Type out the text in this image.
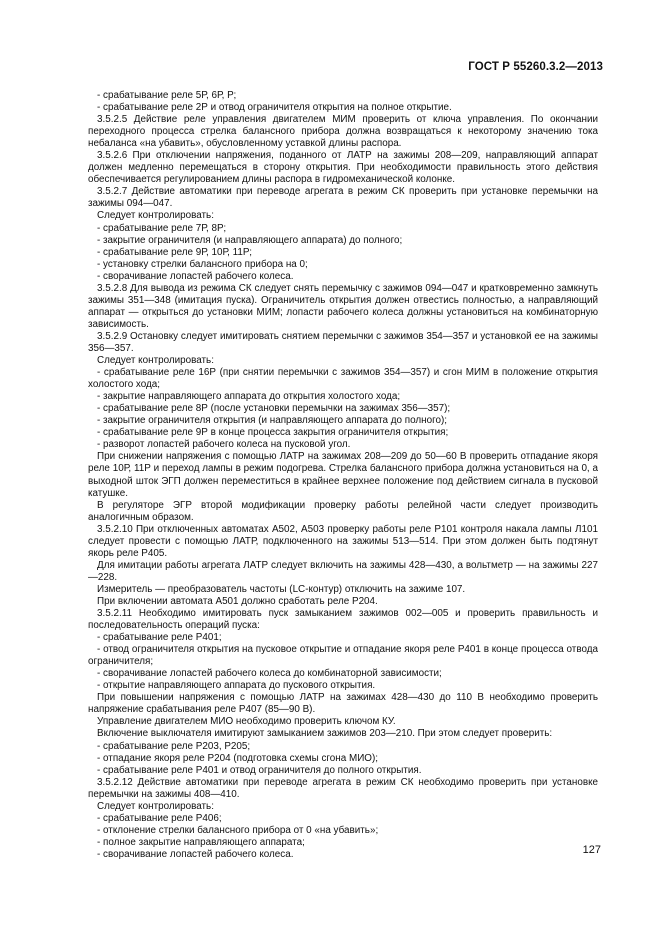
ГОСТ Р 55260.3.2—2013

- срабатывание реле 5Р, 6Р, Р;

- срабатывание реле 2Р и отвод ограничителя открытия на полное открытие.

3.5.2.5 Действие реле управления двигателем МИМ проверить от ключа управления. По окончании переходного процесса стрелка балансного прибора должна возвращаться к некоторому значению тока небаланса «на убавить», обусловленному уставкой длины распора.

3.5.2.6 При отключении напряжения, поданного от ЛАТР на зажимы 208—209, направляющий аппарат должен медленно перемещаться в сторону открытия. При необходимости правильность этого действия обеспечивается регулированием длины распора в гидромеханической колонке.

3.5.2.7 Действие автоматики при переводе агрегата в режим СК проверить при установке перемычки на зажимы 094—047.

Следует контролировать:

- срабатывание реле 7Р, 8Р;

- закрытие ограничителя (и направляющего аппарата) до полного;

- срабатывание реле 9Р, 10Р, 11Р;

- установку стрелки балансного прибора на 0;

- сворачивание лопастей рабочего колеса.

3.5.2.8 Для вывода из режима СК следует снять перемычку с зажимов 094—047 и кратковременно замкнуть зажимы 351—348 (имитация пуска). Ограничитель открытия должен отвестись полностью, а направляющий аппарат — открыться до установки МИМ; лопасти рабочего колеса должны установиться на комбинаторную зависимость.

3.5.2.9 Остановку следует имитировать снятием перемычки с зажимов 354—357 и установкой ее на зажимы 356—357.

Следует контролировать:

- срабатывание реле 16Р (при снятии перемычки с зажимов 354—357) и сгон МИМ в положение открытия холостого хода;

- закрытие направляющего аппарата до открытия холостого хода;

- срабатывание реле 8Р (после установки перемычки на зажимах 356—357);

- закрытие ограничителя открытия (и направляющего аппарата до полного);

- срабатывание реле 9Р в конце процесса закрытия ограничителя открытия;

- разворот лопастей рабочего колеса на пусковой угол.

При снижении напряжения с помощью ЛАТР на зажимах 208—209 до 50—60 В проверить отпадание якоря реле 10Р, 11Р и переход лампы в режим подогрева. Стрелка балансного прибора должна установиться на 0, а выходной шток ЭГП должен переместиться в крайнее верхнее положение под действием сигнала в пусковой катушке.

В регуляторе ЭГР второй модификации проверку работы релейной части следует производить аналогичным образом.

3.5.2.10 При отключенных автоматах А502, А503 проверку работы реле Р101 контроля накала лампы Л101 следует провести с помощью ЛАТР, подключенного на зажимы 513—514. При этом должен быть подтянут якорь реле Р405.

Для имитации работы агрегата ЛАТР следует включить на зажимы 428—430, а вольтметр — на зажимы 227—228.

Измеритель — преобразователь частоты (LC-контур) отключить на зажиме 107.

При включении автомата А501 должно сработать реле Р204.

3.5.2.11 Необходимо имитировать пуск замыканием зажимов 002—005 и проверить правильность и последовательность операций пуска:

- срабатывание реле Р401;

- отвод ограничителя открытия на пусковое открытие и отпадание якоря реле Р401 в конце процесса отвода ограничителя;

- сворачивание лопастей рабочего колеса до комбинаторной зависимости;

- открытие направляющего аппарата до пускового открытия.

При повышении напряжения с помощью ЛАТР на зажимах 428—430 до 110 В необходимо проверить напряжение срабатывания реле Р407 (85—90 В).

Управление двигателем МИО необходимо проверить ключом КУ.

Включение выключателя имитируют замыканием зажимов 203—210. При этом следует проверить:

- срабатывание реле Р203, Р205;

- отпадание якоря реле Р204 (подготовка схемы сгона МИО);

- срабатывание реле Р401 и отвод ограничителя до полного открытия.

3.5.2.12 Действие автоматики при переводе агрегата в режим СК необходимо проверить при установке перемычки на зажимы 408—410.

Следует контролировать:

- срабатывание реле Р406;

- отклонение стрелки балансного прибора от 0 «на убавить»;

- полное закрытие направляющего аппарата;

- сворачивание лопастей рабочего колеса.	127
